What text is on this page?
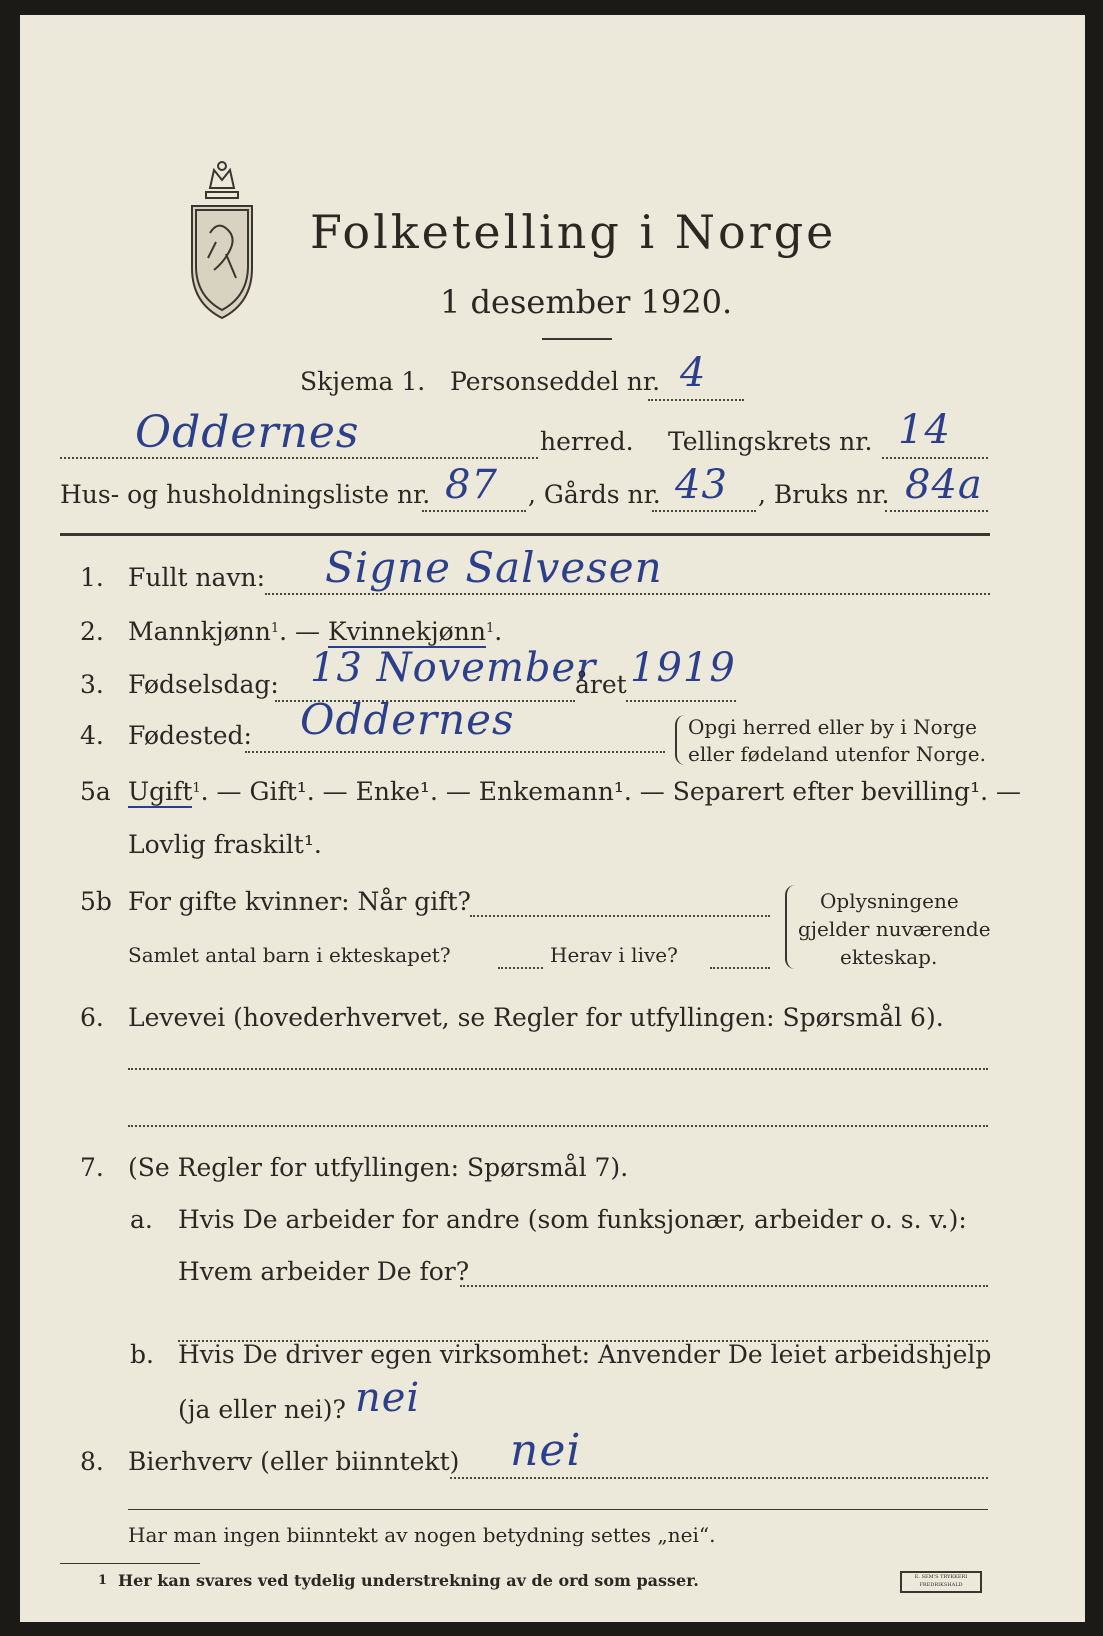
Folketelling i Norge
1 desember 1920.
Skjema 1. Personseddel nr. 4
Oddernes	herred. Tellingskrets nr. 14
Hus- og husholdningsliste nr. 87 , Gårds nr. 43 , Bruks nr. 84a
1. Fullt navn: Signe Salvesen
2. Mannkjønn$^1$. — Kvinnekjønn$^1$.
3. Fødselsdag: 13 November
året 1919
4. Fødested: Oddernes	Opgi herred eller by i Norge
eller fødeland utenfor Norge.
5a Ugift$^1$. — Gift¹. — Enke¹. — Enkemann¹. — Separert efter bevilling¹. —
Lovlig fraskilt¹.
5b For gifte kvinner: Når gift?
Samlet antal barn i ekteskapet?	Herav i live?
Oplysningene
gjelder nuværende
ekteskap.
6. Levevei (hovederhvervet, se Regler for utfyllingen: Spørsmål 6).
7. (Se Regler for utfyllingen: Spørsmål 7).
a. Hvis De arbeider for andre (som funksjonær, arbeider o. s. v.):
Hvem arbeider De for?
b. Hvis De driver egen virksomhet: Anvender De leiet arbeidshjelp
(ja eller nei)? nei
8. Bierhverv (eller biinntekt) nei
Har man ingen biinntekt av nogen betydning settes „nei“.
1 Her kan svares ved tydelig understrekning av de ord som passer.	E. SEM'S TRYKKERI FREDRIKSHALD
